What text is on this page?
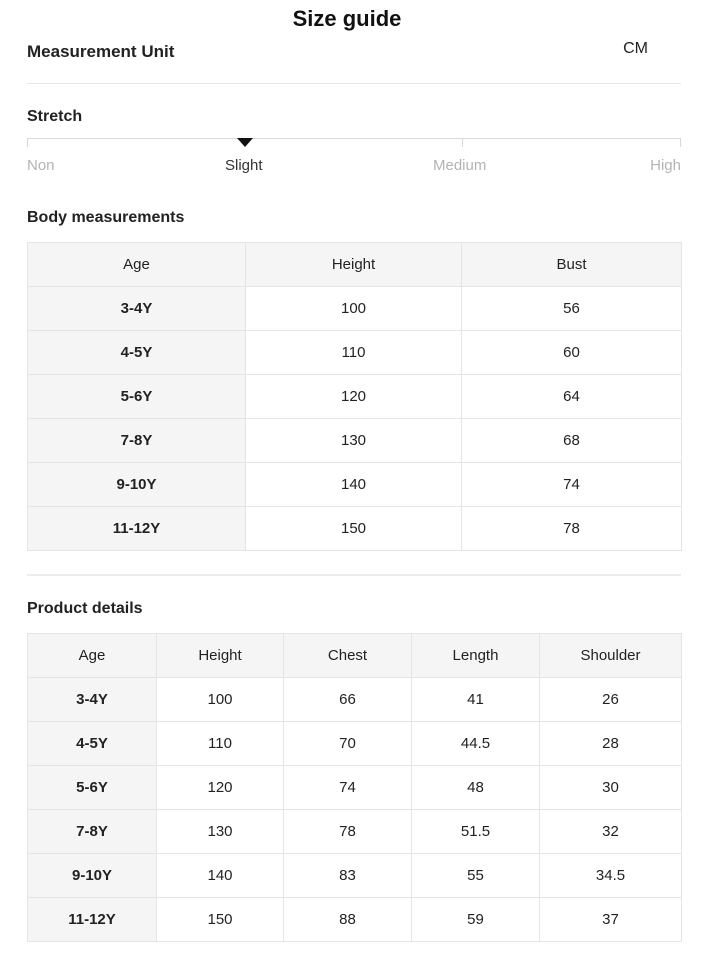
Size guide
Measurement Unit	CM
Stretch
Non	Slight	Medium	High
Body measurements
Age	Height	Bust
3-4Y	100	56
4-5Y	110	60
5-6Y	120	64
7-8Y	130	68
9-10Y	140	74
11-12Y	150	78
Product details
Age	Height	Chest	Length	Shoulder
3-4Y	100	66	41	26
4-5Y	110	70	44.5	28
5-6Y	120	74	48	30
7-8Y	130	78	51.5	32
9-10Y	140	83	55	34.5
11-12Y	150	88	59	37
